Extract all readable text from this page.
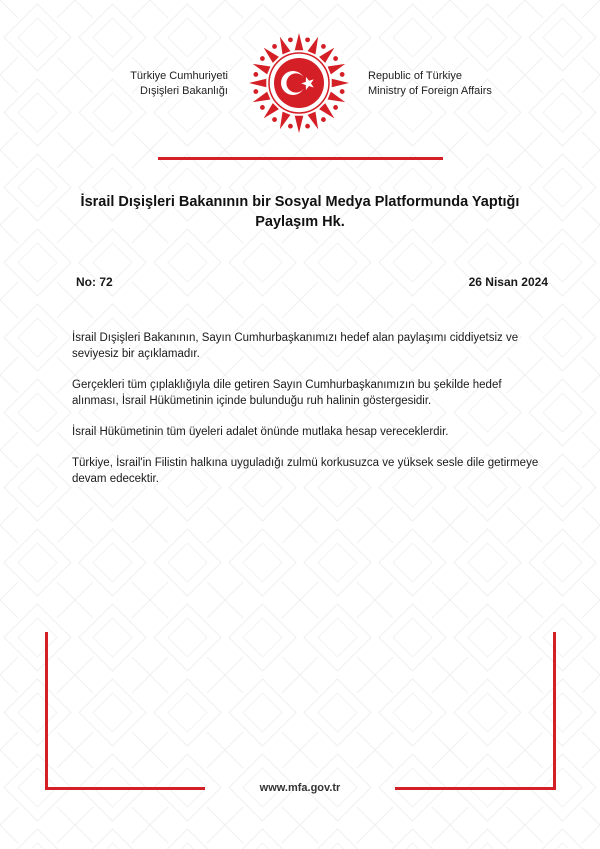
Türkiye Cumhuriyeti
Dışişleri Bakanlığı
Republic of Türkiye
Ministry of Foreign Affairs
İsrail Dışişleri Bakanının bir Sosyal Medya Platformunda Yaptığı
Paylaşım Hk.
No: 72	26 Nisan 2024

İsrail Dışişleri Bakanının, Sayın Cumhurbaşkanımızı hedef alan paylaşımı ciddiyetsiz ve seviyesiz bir açıklamadır.

Gerçekleri tüm çıplaklığıyla dile getiren Sayın Cumhurbaşkanımızın bu şekilde hedef alınması, İsrail Hükümetinin içinde bulunduğu ruh halinin göstergesidir.

İsrail Hükümetinin tüm üyeleri adalet önünde mutlaka hesap vereceklerdir.

Türkiye, İsrail'in Filistin halkına uyguladığı zulmü korkusuzca ve yüksek sesle dile getirmeye devam edecektir.

www.mfa.gov.tr
